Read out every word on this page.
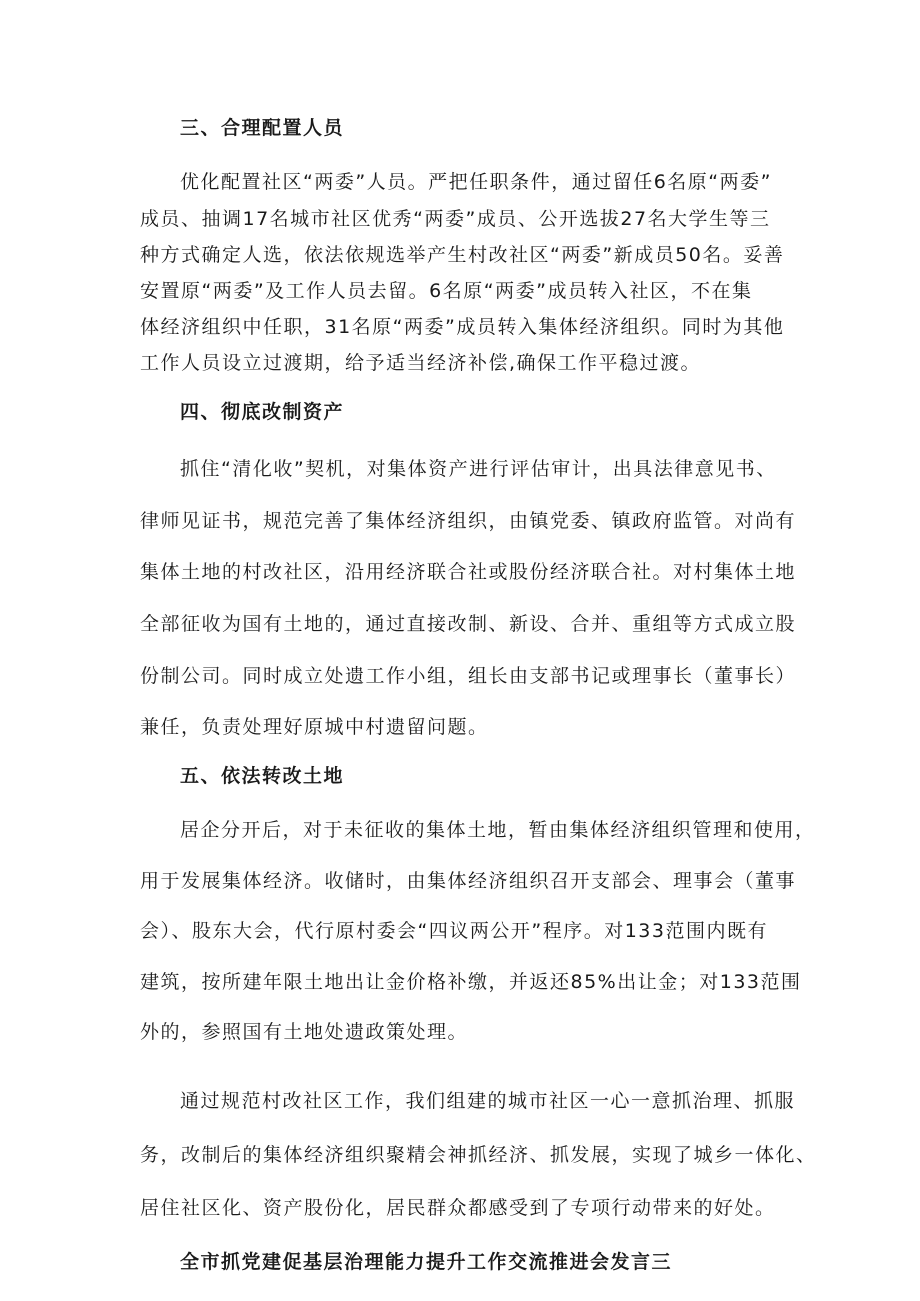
三、合理配置人员

优化配置社区“两委”人员。严把任职条件，通过留任6名原“两委”

成员、抽调17名城市社区优秀“两委”成员、公开选拔27名大学生等三

种方式确定人选，依法依规选举产生村改社区“两委”新成员50名。妥善

安置原“两委”及工作人员去留。6名原“两委”成员转入社区，不在集

体经济组织中任职，31名原“两委”成员转入集体经济组织。同时为其他

工作人员设立过渡期，给予适当经济补偿,确保工作平稳过渡。

四、彻底改制资产

抓住“清化收”契机，对集体资产进行评估审计，出具法律意见书、

律师见证书，规范完善了集体经济组织，由镇党委、镇政府监管。对尚有

集体土地的村改社区，沿用经济联合社或股份经济联合社。对村集体土地

全部征收为国有土地的，通过直接改制、新设、合并、重组等方式成立股

份制公司。同时成立处遗工作小组，组长由支部书记或理事长（董事长）

兼任，负责处理好原城中村遗留问题。

五、依法转改土地

居企分开后，对于未征收的集体土地，暂由集体经济组织管理和使用，

用于发展集体经济。收储时，由集体经济组织召开支部会、理事会（董事

会）、股东大会，代行原村委会“四议两公开”程序。对133范围内既有

建筑，按所建年限土地出让金价格补缴，并返还85%出让金；对133范围

外的，参照国有土地处遗政策处理。

通过规范村改社区工作，我们组建的城市社区一心一意抓治理、抓服

务，改制后的集体经济组织聚精会神抓经济、抓发展，实现了城乡一体化、

居住社区化、资产股份化，居民群众都感受到了专项行动带来的好处。

全市抓党建促基层治理能力提升工作交流推进会发言三
